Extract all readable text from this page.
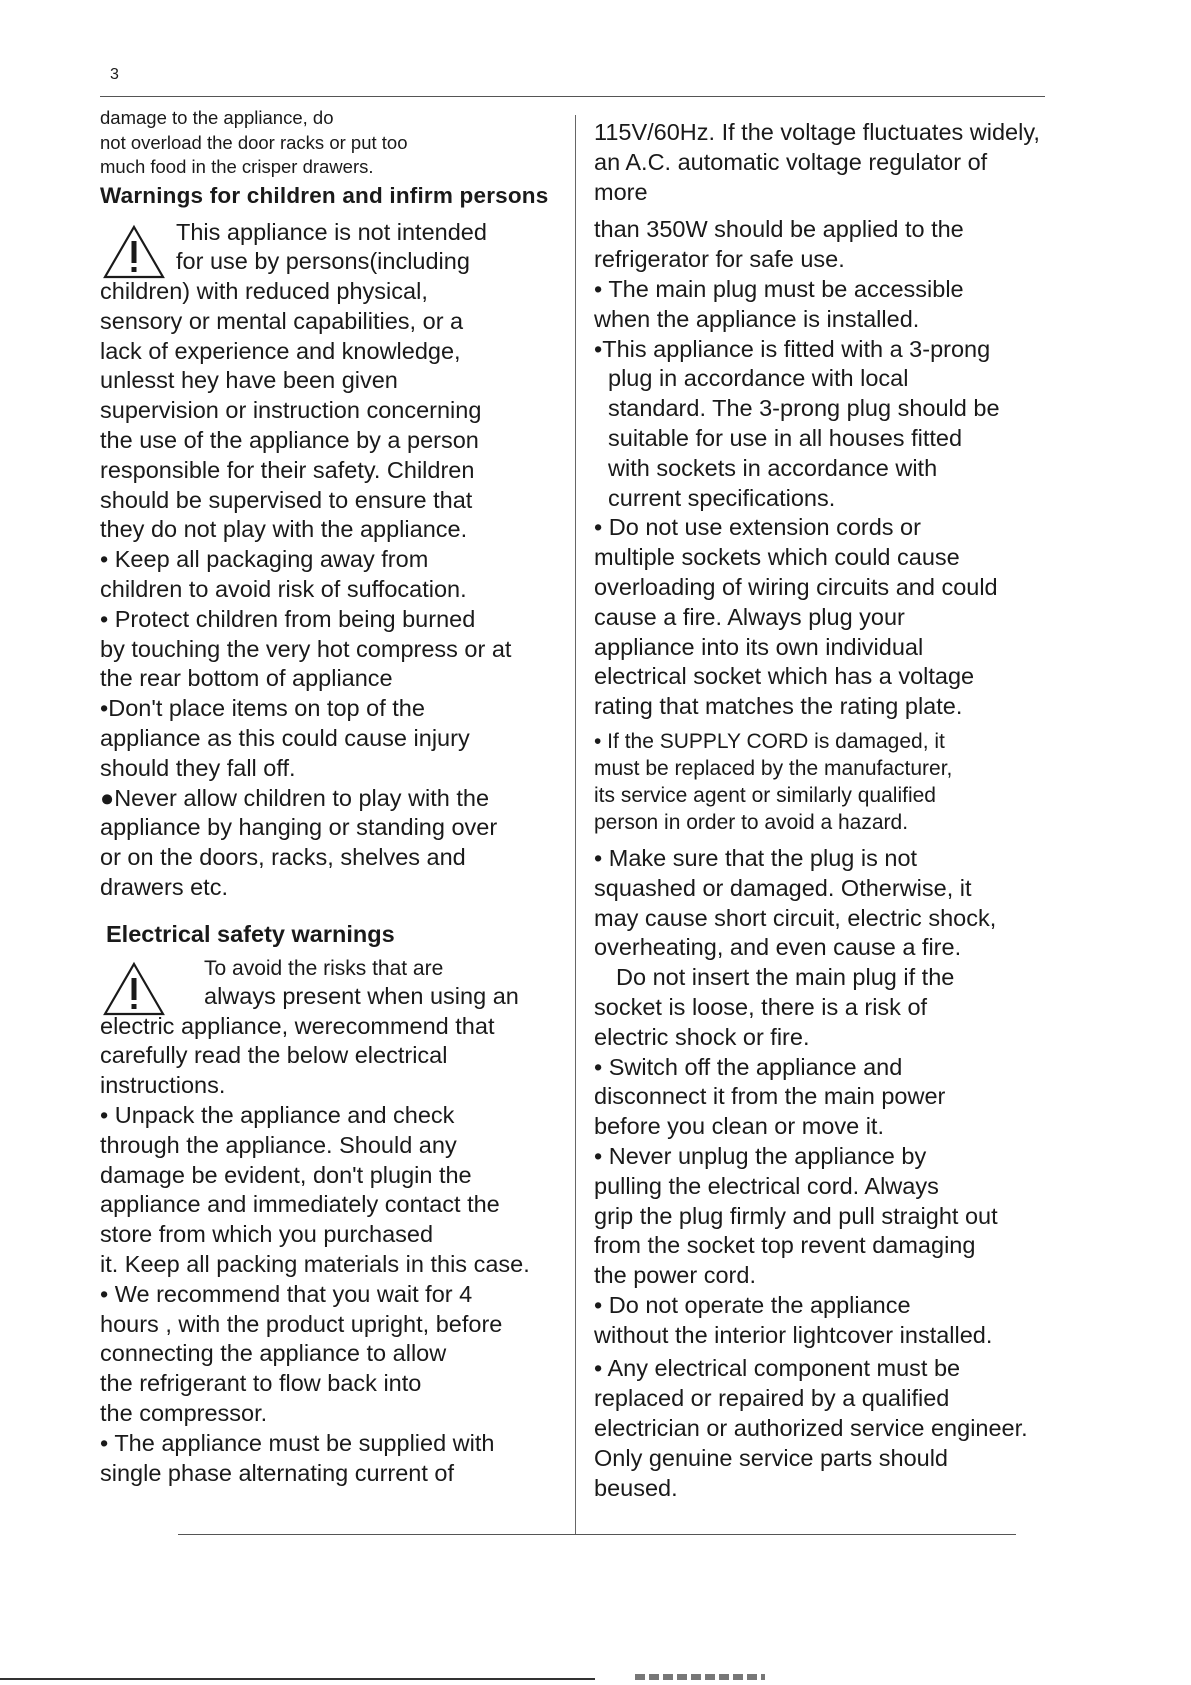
3

damage to the appliance, do

not overload the door racks or put too

much food in the crisper drawers.

Warnings for children and infirm persons

This appliance is not intended

for use by persons(including

children) with reduced physical,

sensory or mental capabilities, or a

lack of experience and knowledge,

unlesst hey have been given

supervision or instruction concerning

the use of the appliance by a person

responsible for their safety. Children

should be supervised to ensure that

they do not play with the appliance.

• Keep all packaging away from

children to avoid risk of suffocation.

• Protect children from being burned

by touching the very hot compress or at

the rear bottom of appliance

•Don't place items on top of the

appliance as this could cause injury

should they fall off.

●Never allow children to play with the

appliance by hanging or standing over

or on the doors, racks, shelves and

drawers etc.

Electrical safety warnings

To avoid the risks that are

always present when using an

electric appliance, werecommend that

carefully read the below electrical

instructions.

• Unpack the appliance and check

through the appliance. Should any

damage be evident, don't plugin the

appliance and immediately contact the

store from which you purchased

it. Keep all packing materials in this case.

• We recommend that you wait for 4

hours , with the product upright, before

connecting the appliance to allow

the refrigerant to flow back into

the compressor.

• The appliance must be supplied with

single phase alternating current of

115V/60Hz. If the voltage fluctuates widely,

an A.C. automatic voltage regulator of

more

than 350W should be applied to the

refrigerator for safe use.

• The main plug must be accessible

when the appliance is installed.

•This appliance is fitted with a 3-prong

plug in accordance with local

standard. The 3-prong plug should be

suitable for use in all houses fitted

with sockets in accordance with

current specifications.

• Do not use extension cords or

multiple sockets which could cause

overloading of wiring circuits and could

cause a fire. Always plug your

appliance into its own individual

electrical socket which has a voltage

rating that matches the rating plate.

• If the SUPPLY CORD is damaged, it

must be replaced by the manufacturer,

its service agent or similarly qualified

person in order to avoid a hazard.

• Make sure that the plug is not

squashed or damaged. Otherwise, it

may cause short circuit, electric shock,

overheating, and even cause a fire.

Do not insert the main plug if the

socket is loose, there is a risk of

electric shock or fire.

• Switch off the appliance and

disconnect it from the main power

before you clean or move it.

• Never unplug the appliance by

pulling the electrical cord. Always

grip the plug firmly and pull straight out

from the socket top revent damaging

the power cord.

• Do not operate the appliance

without the interior lightcover installed.

• Any electrical component must be

replaced or repaired by a qualified

electrician or authorized service engineer.

Only genuine service parts should

beused.
